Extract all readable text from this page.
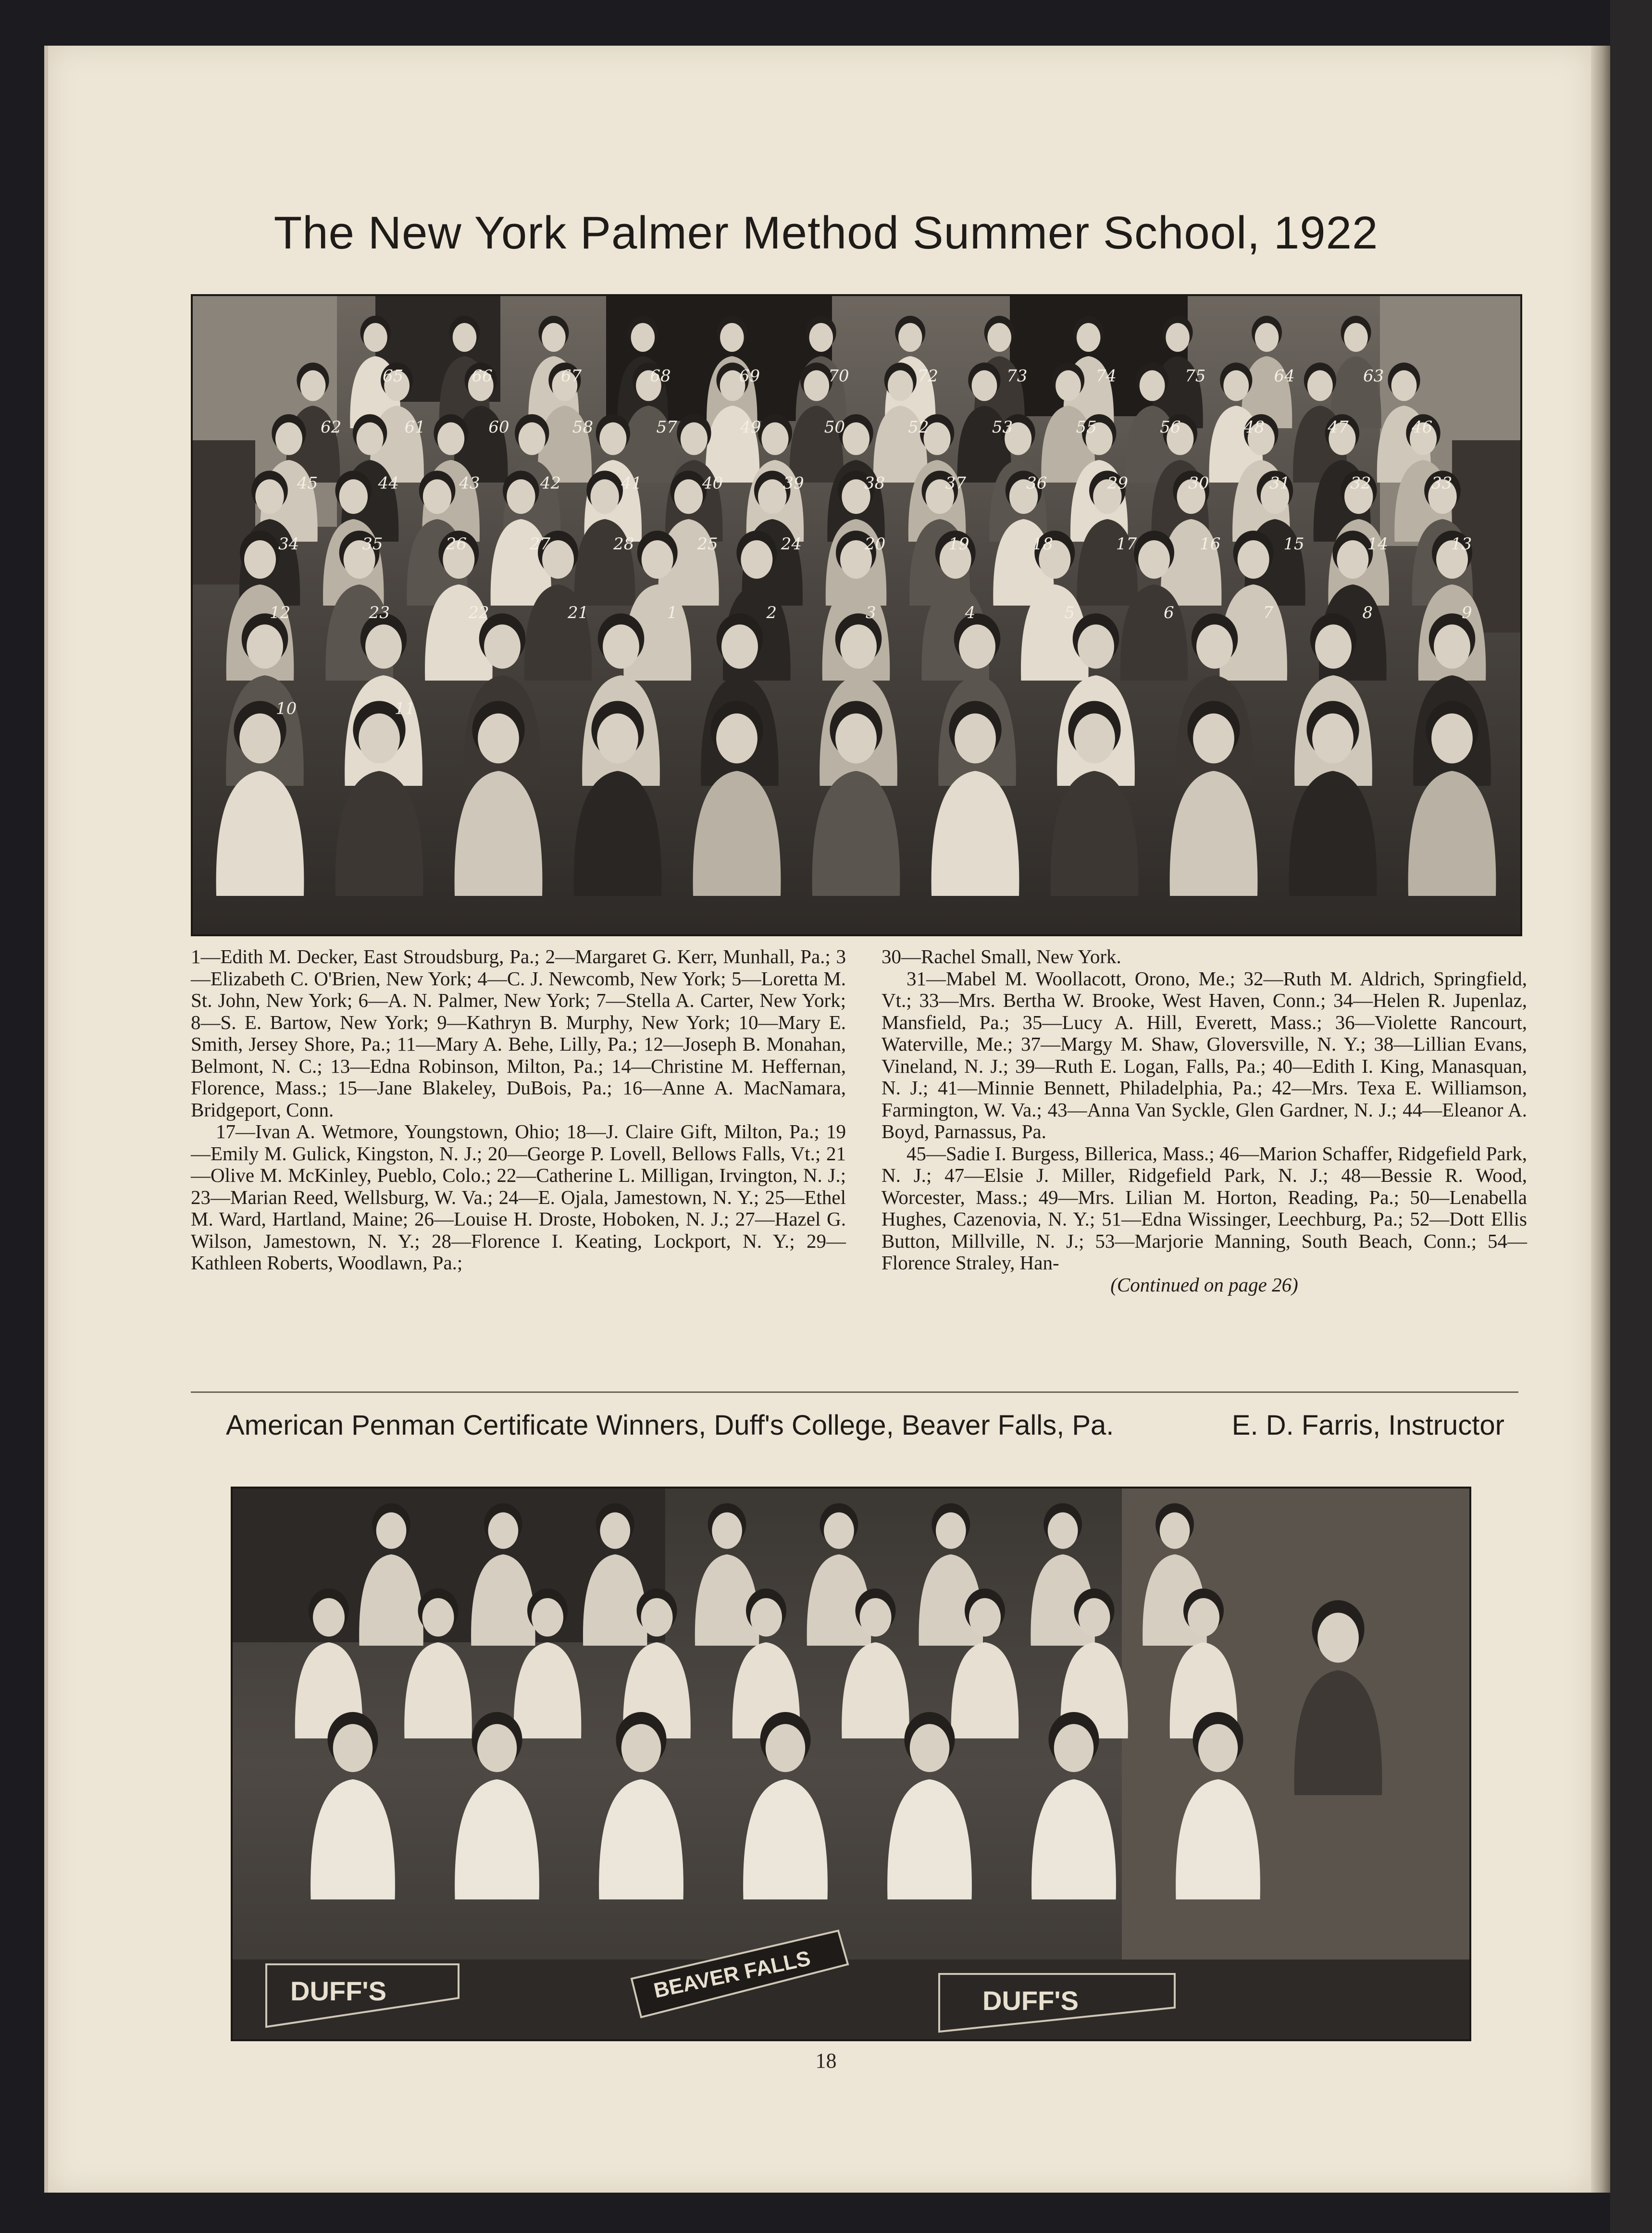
The New York Palmer Method Summer School, 1922
65	66	67	68	69	70	72	73	74	75	64	63
62	61	60	58	57	49	50	52	53	55	56	48	47	46
45	44	43	42	41	40	39	38	37	36	29	30	31	32	33
34	35	26	27	28	25	24	20	19	18	17	16	15	14	13
12	23	22	21	1	2	3	4	5	6	7	8	9
10	11

1—Edith M. Decker, East Stroudsburg, Pa.; 2—Margaret G. Kerr, Munhall, Pa.; 3—Elizabeth C. O'Brien, New York; 4—C. J. Newcomb, New York; 5—Loretta M. St. John, New York; 6—A. N. Palmer, New York; 7—Stella A. Carter, New York; 8—S. E. Bartow, New York; 9—Kathryn B. Murphy, New York; 10—Mary E. Smith, Jersey Shore, Pa.; 11—Mary A. Behe, Lilly, Pa.; 12—Joseph B. Monahan, Belmont, N. C.; 13—Edna Robinson, Milton, Pa.; 14—Christine M. Heffernan, Florence, Mass.; 15—Jane Blakeley, DuBois, Pa.; 16—Anne A. MacNamara, Bridgeport, Conn.

17—Ivan A. Wetmore, Youngstown, Ohio; 18—J. Claire Gift, Milton, Pa.; 19—Emily M. Gulick, Kingston, N. J.; 20—George P. Lovell, Bellows Falls, Vt.; 21—Olive M. McKinley, Pueblo, Colo.; 22—Catherine L. Milligan, Irvington, N. J.; 23—Marian Reed, Wellsburg, W. Va.; 24—E. Ojala, Jamestown, N. Y.; 25—Ethel M. Ward, Hartland, Maine; 26—Louise H. Droste, Hoboken, N. J.; 27—Hazel G. Wilson, Jamestown, N. Y.; 28—Florence I. Keating, Lockport, N. Y.; 29—Kathleen Roberts, Woodlawn, Pa.;

30—Rachel Small, New York.

31—Mabel M. Woollacott, Orono, Me.; 32—Ruth M. Aldrich, Springfield, Vt.; 33—Mrs. Bertha W. Brooke, West Haven, Conn.; 34—Helen R. Jupenlaz, Mansfield, Pa.; 35—Lucy A. Hill, Everett, Mass.; 36—Violette Rancourt, Waterville, Me.; 37—Margy M. Shaw, Gloversville, N. Y.; 38—Lillian Evans, Vineland, N. J.; 39—Ruth E. Logan, Falls, Pa.; 40—Edith I. King, Manasquan, N. J.; 41—Minnie Bennett, Philadelphia, Pa.; 42—Mrs. Texa E. Williamson, Farmington, W. Va.; 43—Anna Van Syckle, Glen Gardner, N. J.; 44—Eleanor A. Boyd, Parnassus, Pa.

45—Sadie I. Burgess, Billerica, Mass.; 46—Marion Schaffer, Ridgefield Park, N. J.; 47—Elsie J. Miller, Ridgefield Park, N. J.; 48—Bessie R. Wood, Worcester, Mass.; 49—Mrs. Lilian M. Horton, Reading, Pa.; 50—Lenabella Hughes, Cazenovia, N. Y.; 51—Edna Wissinger, Leechburg, Pa.; 52—Dott Ellis Button, Millville, N. J.; 53—Marjorie Manning, South Beach, Conn.; 54—Florence Straley, Han-

(Continued on page 26)

American Penman Certificate Winners, Duff's College, Beaver Falls, Pa.	E. D. Farris, Instructor
DUFF'S	BEAVER FALLS	DUFF'S
18
